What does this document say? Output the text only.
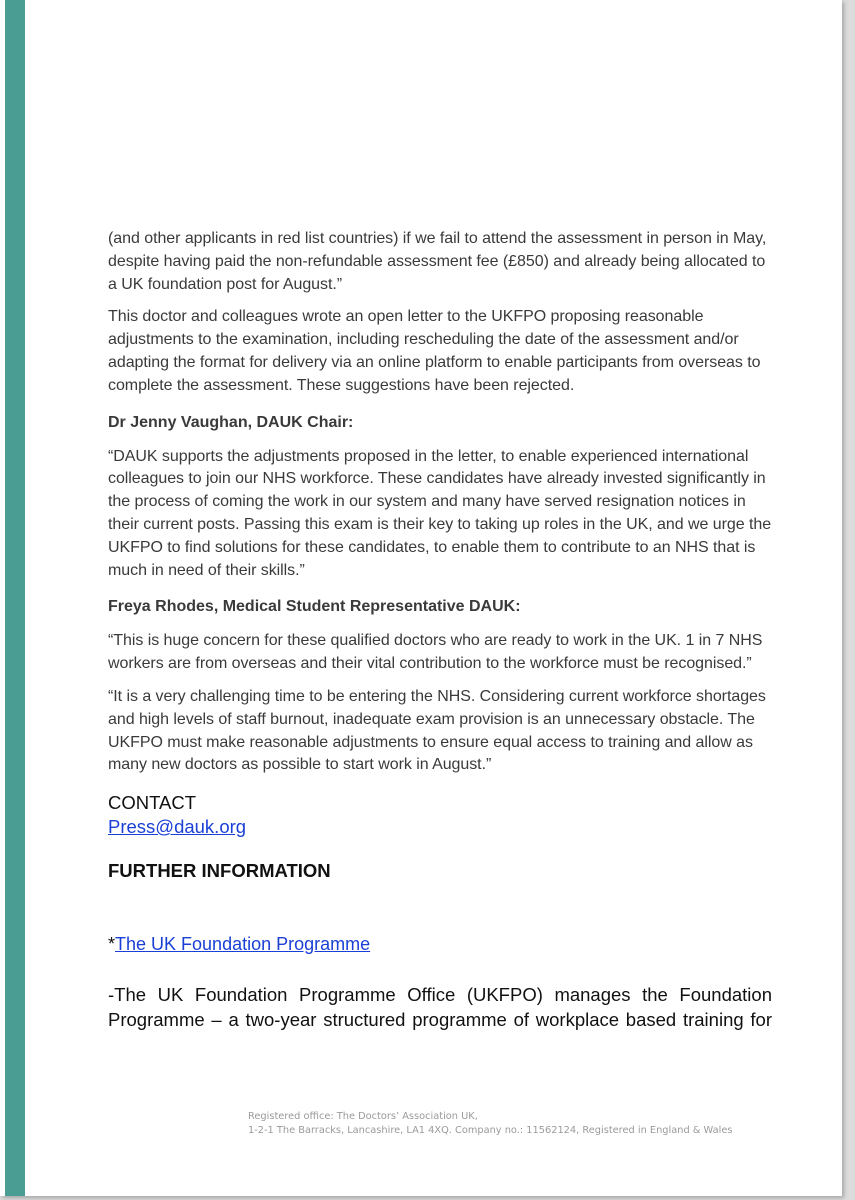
(and other applicants in red list countries) if we fail to attend the assessment in person in May, despite having paid the non-refundable assessment fee (£850) and already being allocated to a UK foundation post for August.”

This doctor and colleagues wrote an open letter to the UKFPO proposing reasonable adjustments to the examination, including rescheduling the date of the assessment and/or adapting the format for delivery via an online platform to enable participants from overseas to complete the assessment. These suggestions have been rejected.

Dr Jenny Vaughan, DAUK Chair:

“DAUK supports the adjustments proposed in the letter, to enable experienced international colleagues to join our NHS workforce. These candidates have already invested significantly in the process of coming the work in our system and many have served resignation notices in their current posts. Passing this exam is their key to taking up roles in the UK, and we urge the UKFPO to find solutions for these candidates, to enable them to contribute to an NHS that is much in need of their skills.”

Freya Rhodes, Medical Student Representative DAUK:

“This is huge concern for these qualified doctors who are ready to work in the UK. 1 in 7 NHS workers are from overseas and their vital contribution to the workforce must be recognised.”

“It is a very challenging time to be entering the NHS. Considering current workforce shortages and high levels of staff burnout, inadequate exam provision is an unnecessary obstacle. The UKFPO must make reasonable adjustments to ensure equal access to training and allow as many new doctors as possible to start work in August.”

CONTACT
Press@dauk.org
FURTHER INFORMATION
*The UK Foundation Programme

-The UK Foundation Programme Office (UKFPO) manages the Foundation Programme – a two-year structured programme of workplace based training for

Registered office: The Doctors’ Association UK,
1-2-1 The Barracks, Lancashire, LA1 4XQ. Company no.: 11562124, Registered in England & Wales
